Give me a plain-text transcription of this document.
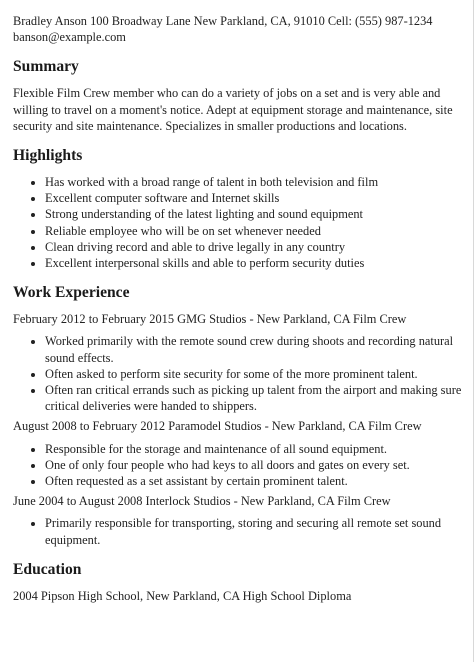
Bradley Anson 100 Broadway Lane New Parkland, CA, 91010 Cell: (555) 987-1234
banson@example.com
Summary

Flexible Film Crew member who can do a variety of jobs on a set and is very able and willing to travel on a moment's notice. Adept at equipment storage and maintenance, site security and site maintenance. Specializes in smaller productions and locations.

Highlights
• Has worked with a broad range of talent in both television and film
• Excellent computer software and Internet skills
• Strong understanding of the latest lighting and sound equipment
• Reliable employee who will be on set whenever needed
• Clean driving record and able to drive legally in any country
• Excellent interpersonal skills and able to perform security duties
Work Experience
February 2012 to February 2015 GMG Studios - New Parkland, CA Film Crew
• Worked primarily with the remote sound crew during shoots and recording natural sound effects.
• Often asked to perform site security for some of the more prominent talent.
• Often ran critical errands such as picking up talent from the airport and making sure critical deliveries were handed to shippers.
August 2008 to February 2012 Paramodel Studios - New Parkland, CA Film Crew
• Responsible for the storage and maintenance of all sound equipment.
• One of only four people who had keys to all doors and gates on every set.
• Often requested as a set assistant by certain prominent talent.
June 2004 to August 2008 Interlock Studios - New Parkland, CA Film Crew
• Primarily responsible for transporting, storing and securing all remote set sound equipment.
Education
2004 Pipson High School, New Parkland, CA High School Diploma
